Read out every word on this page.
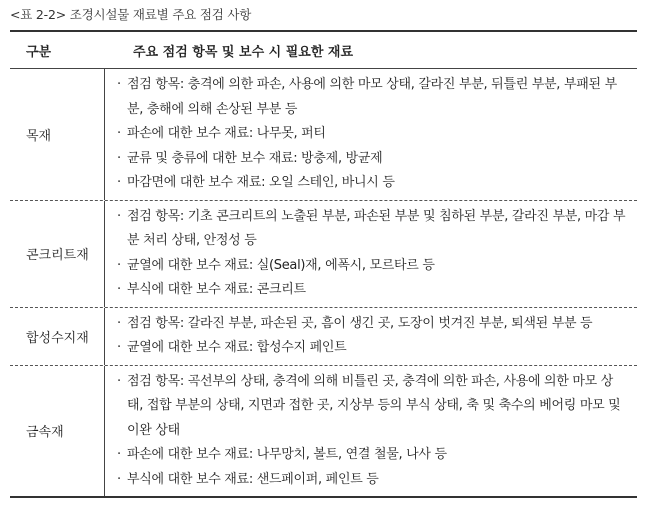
<표 2-2> 조경시설물 재료별 주요 점검 사항
구분	주요 점검 항목 및 보수 시 필요한 재료
목재
· 점검 항목: 충격에 의한 파손, 사용에 의한 마모 상태, 갈라진 부분, 뒤틀린 부분, 부패된 부분, 충해에 의해 손상된 부분 등
· 파손에 대한 보수 재료: 나무못, 퍼티
· 균류 및 충류에 대한 보수 재료: 방충제, 방균제
· 마감면에 대한 보수 재료: 오일 스테인, 바니시 등
콘크리트재
· 점검 항목: 기초 콘크리트의 노출된 부분, 파손된 부분 및 침하된 부분, 갈라진 부분, 마감 부분 처리 상태, 안정성 등
· 균열에 대한 보수 재료: 실(Seal)재, 에폭시, 모르타르 등
· 부식에 대한 보수 재료: 콘크리트
합성수지재
· 점검 항목: 갈라진 부분, 파손된 곳, 흠이 생긴 곳, 도장이 벗겨진 부분, 퇴색된 부분 등
· 균열에 대한 보수 재료: 합성수지 페인트
금속재
· 점검 항목: 곡선부의 상태, 충격에 의해 비틀린 곳, 충격에 의한 파손, 사용에 의한 마모 상태, 접합 부분의 상태, 지면과 접한 곳, 지상부 등의 부식 상태, 축 및 축수의 베어링 마모 및 이완 상태
· 파손에 대한 보수 재료: 나무망치, 볼트, 연결 철물, 나사 등
· 부식에 대한 보수 재료: 샌드페이퍼, 페인트 등
